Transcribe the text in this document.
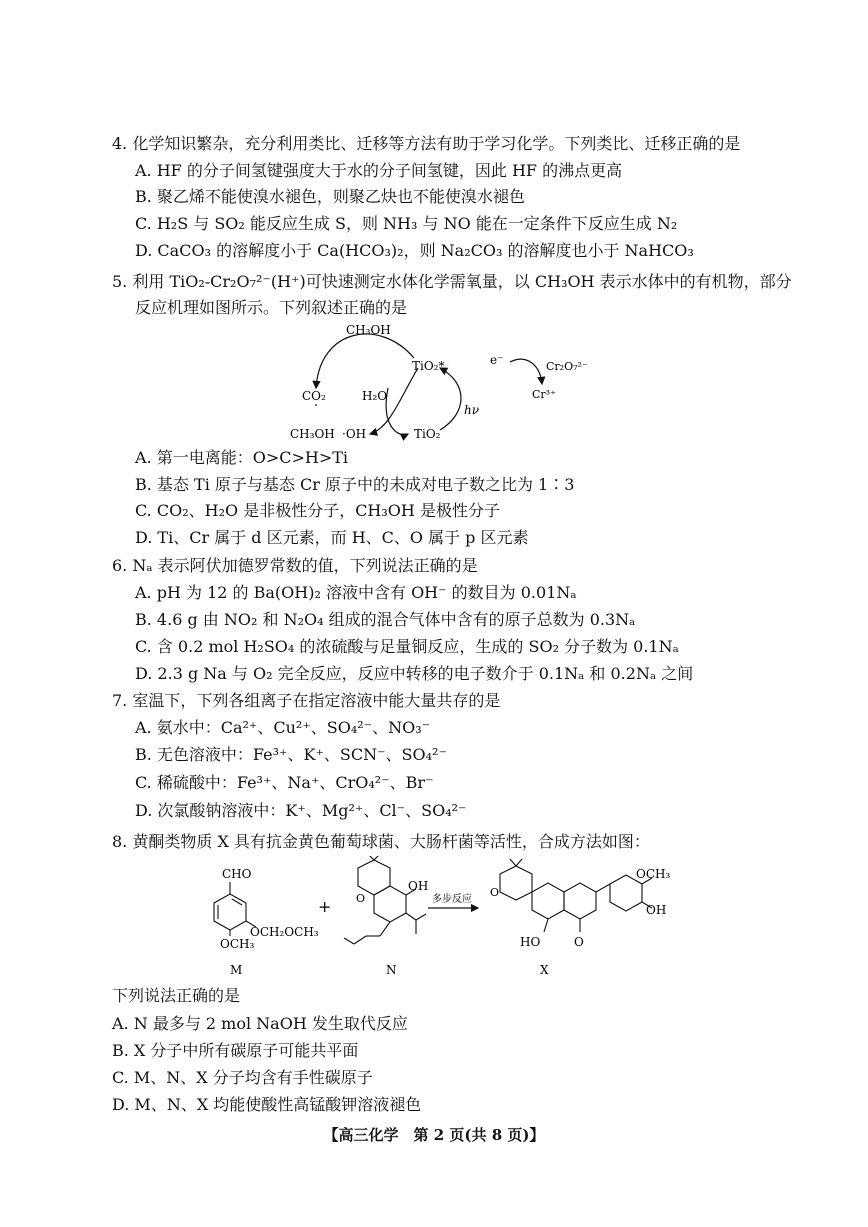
4. 化学知识繁杂，充分利用类比、迁移等方法有助于学习化学。下列类比、迁移正确的是
A. HF 的分子间氢键强度大于水的分子间氢键，因此 HF 的沸点更高
B. 聚乙烯不能使溴水褪色，则聚乙炔也不能使溴水褪色
C. H₂S 与 SO₂ 能反应生成 S，则 NH₃ 与 NO 能在一定条件下反应生成 N₂
D. CaCO₃ 的溶解度小于 Ca(HCO₃)₂，则 Na₂CO₃ 的溶解度也小于 NaHCO₃
5. 利用 TiO₂-Cr₂O₇²⁻(H⁺)可快速测定水体化学需氧量，以 CH₃OH 表示水体中的有机物，部分
反应机理如图所示。下列叙述正确的是
CH₃OH
TiO₂*
CO₂	H₂O
CH₃OH ·OH	TiO₂
hν
e⁻	Cr₂O₇²⁻
Cr³⁺
A. 第一电离能：O>C>H>Ti
B. 基态 Ti 原子与基态 Cr 原子中的未成对电子数之比为 1∶3
C. CO₂、H₂O 是非极性分子，CH₃OH 是极性分子
D. Ti、Cr 属于 d 区元素，而 H、C、O 属于 p 区元素
6. Nₐ 表示阿伏加德罗常数的值，下列说法正确的是
A. pH 为 12 的 Ba(OH)₂ 溶液中含有 OH⁻ 的数目为 0.01Nₐ
B. 4.6 g 由 NO₂ 和 N₂O₄ 组成的混合气体中含有的原子总数为 0.3Nₐ
C. 含 0.2 mol H₂SO₄ 的浓硫酸与足量铜反应，生成的 SO₂ 分子数为 0.1Nₐ
D. 2.3 g Na 与 O₂ 完全反应，反应中转移的电子数介于 0.1Nₐ 和 0.2Nₐ 之间
7. 室温下，下列各组离子在指定溶液中能大量共存的是
A. 氨水中：Ca²⁺、Cu²⁺、SO₄²⁻、NO₃⁻
B. 无色溶液中：Fe³⁺、K⁺、SCN⁻、SO₄²⁻
C. 稀硫酸中：Fe³⁺、Na⁺、CrO₄²⁻、Br⁻
D. 次氯酸钠溶液中：K⁺、Mg²⁺、Cl⁻、SO₄²⁻
8. 黄酮类物质 X 具有抗金黄色葡萄球菌、大肠杆菌等活性，合成方法如图：
CHO
OCH₂OCH₃
OCH₃
M
+
OH
O
N
多步反应
O
OCH₃
OH
HO	O
X
下列说法正确的是
A. N 最多与 2 mol NaOH 发生取代反应
B. X 分子中所有碳原子可能共平面
C. M、N、X 分子均含有手性碳原子
D. M、N、X 均能使酸性高锰酸钾溶液褪色
【高三化学　第 2 页(共 8 页)】
